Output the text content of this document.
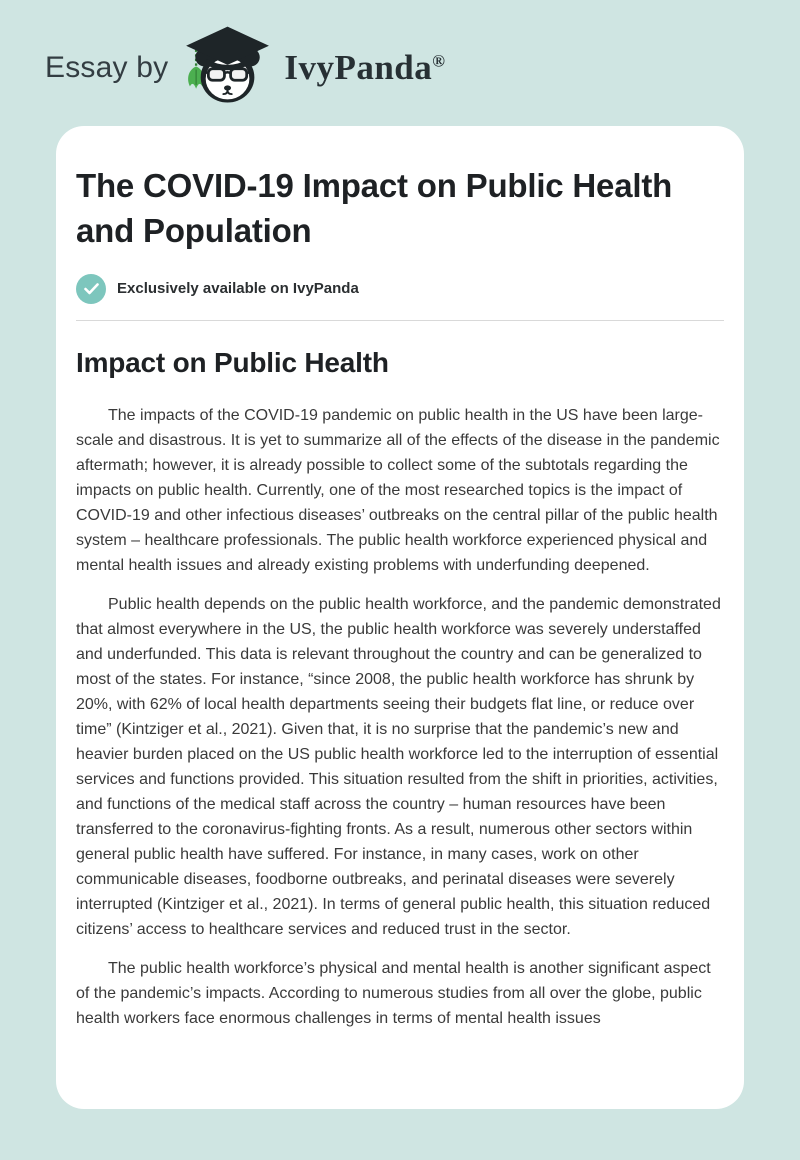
Essay by	IvyPanda®
The COVID-19 Impact on Public Health and Population
Exclusively available on IvyPanda
Impact on Public Health

The impacts of the COVID-19 pandemic on public health in the US have been large-scale and disastrous. It is yet to summarize all of the effects of the disease in the pandemic aftermath; however, it is already possible to collect some of the subtotals regarding the impacts on public health. Currently, one of the most researched topics is the impact of COVID-19 and other infectious diseases’ outbreaks on the central pillar of the public health system – healthcare professionals. The public health workforce experienced physical and mental health issues and already existing problems with underfunding deepened.

Public health depends on the public health workforce, and the pandemic demonstrated that almost everywhere in the US, the public health workforce was severely understaffed and underfunded. This data is relevant throughout the country and can be generalized to most of the states. For instance, “since 2008, the public health workforce has shrunk by 20%, with 62% of local health departments seeing their budgets flat line, or reduce over time” (Kintziger et al., 2021). Given that, it is no surprise that the pandemic’s new and heavier burden placed on the US public health workforce led to the interruption of essential services and functions provided. This situation resulted from the shift in priorities, activities, and functions of the medical staff across the country – human resources have been transferred to the coronavirus-fighting fronts. As a result, numerous other sectors within general public health have suffered. For instance, in many cases, work on other communicable diseases, foodborne outbreaks, and perinatal diseases were severely interrupted (Kintziger et al., 2021). In terms of general public health, this situation reduced citizens’ access to healthcare services and reduced trust in the sector.

The public health workforce’s physical and mental health is another significant aspect of the pandemic’s impacts. According to numerous studies from all over the globe, public health workers face enormous challenges in terms of mental health issues
